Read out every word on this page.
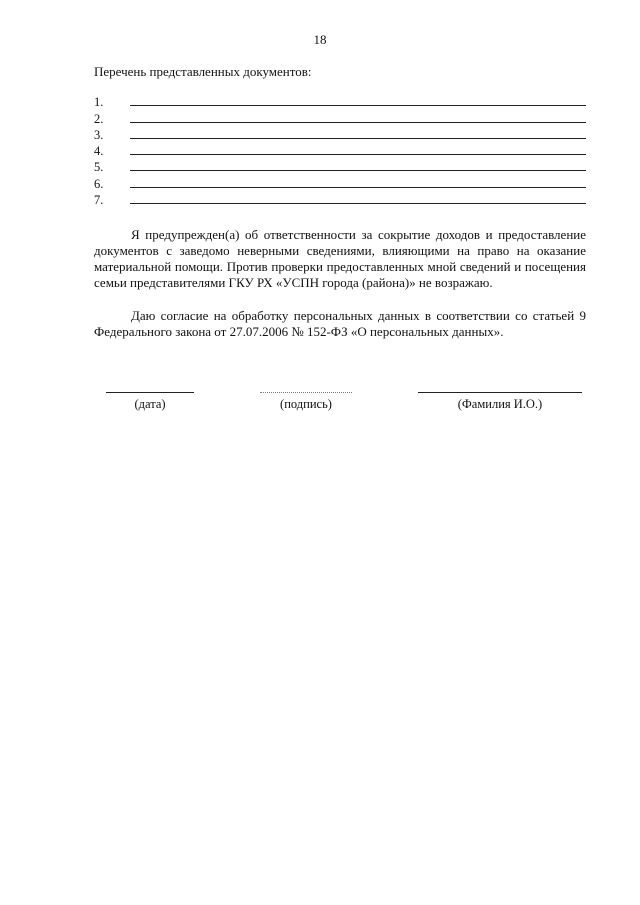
18
Перечень представленных документов:
1.
2.
3.
4.
5.
6.
7.

Я предупрежден(а) об ответственности за сокрытие доходов и предоставление документов с заведомо неверными сведениями, влияющими на право на оказание материальной помощи. Против проверки предоставленных мной сведений и посещения семьи представителями ГКУ РХ «УСПН города (района)» не возражаю.

Даю согласие на обработку персональных данных в соответствии со статьей 9 Федерального закона от 27.07.2006 № 152-ФЗ «О персональных данных».

(дата)	(подпись)	(Фамилия И.О.)
